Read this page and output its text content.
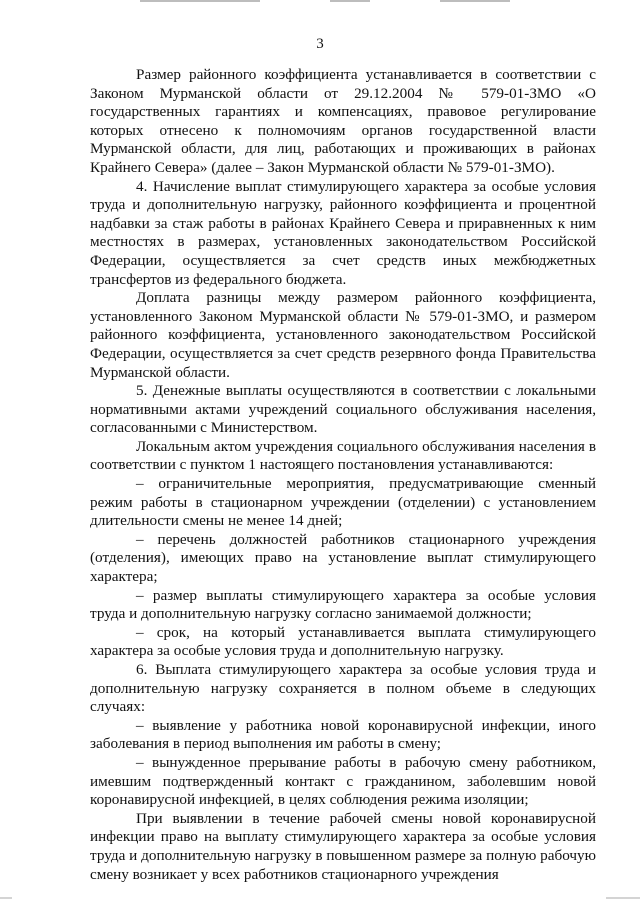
3

Размер районного коэффициента устанавливается в соответствии с Законом Мурманской области от 29.12.2004 № 579-01-ЗМО «О государственных гарантиях и компенсациях, правовое регулирование которых отнесено к полномочиям органов государственной власти Мурманской области, для лиц, работающих и проживающих в районах Крайнего Севера» (далее – Закон Мурманской области № 579-01-ЗМО).

4. Начисление выплат стимулирующего характера за особые условия труда и дополнительную нагрузку, районного коэффициента и процентной надбавки за стаж работы в районах Крайнего Севера и приравненных к ним местностях в размерах, установленных законодательством Российской Федерации, осуществляется за счет средств иных межбюджетных трансфертов из федерального бюджета.

Доплата разницы между размером районного коэффициента, установленного Законом Мурманской области № 579-01-ЗМО, и размером районного коэффициента, установленного законодательством Российской Федерации, осуществляется за счет средств резервного фонда Правительства Мурманской области.

5. Денежные выплаты осуществляются в соответствии с локальными нормативными актами учреждений социального обслуживания населения, согласованными с Министерством.

Локальным актом учреждения социального обслуживания населения в соответствии с пунктом 1 настоящего постановления устанавливаются:

– ограничительные мероприятия, предусматривающие сменный режим работы в стационарном учреждении (отделении) с установлением длительности смены не менее 14 дней;

– перечень должностей работников стационарного учреждения (отделения), имеющих право на установление выплат стимулирующего характера;

– размер выплаты стимулирующего характера за особые условия труда и дополнительную нагрузку согласно занимаемой должности;

– срок, на который устанавливается выплата стимулирующего характера за особые условия труда и дополнительную нагрузку.

6. Выплата стимулирующего характера за особые условия труда и дополнительную нагрузку сохраняется в полном объеме в следующих случаях:

– выявление у работника новой коронавирусной инфекции, иного заболевания в период выполнения им работы в смену;

– вынужденное прерывание работы в рабочую смену работником, имевшим подтвержденный контакт с гражданином, заболевшим новой коронавирусной инфекцией, в целях соблюдения режима изоляции;

При выявлении в течение рабочей смены новой коронавирусной инфекции право на выплату стимулирующего характера за особые условия труда и дополнительную нагрузку в повышенном размере за полную рабочую смену возникает у всех работников стационарного учреждения
